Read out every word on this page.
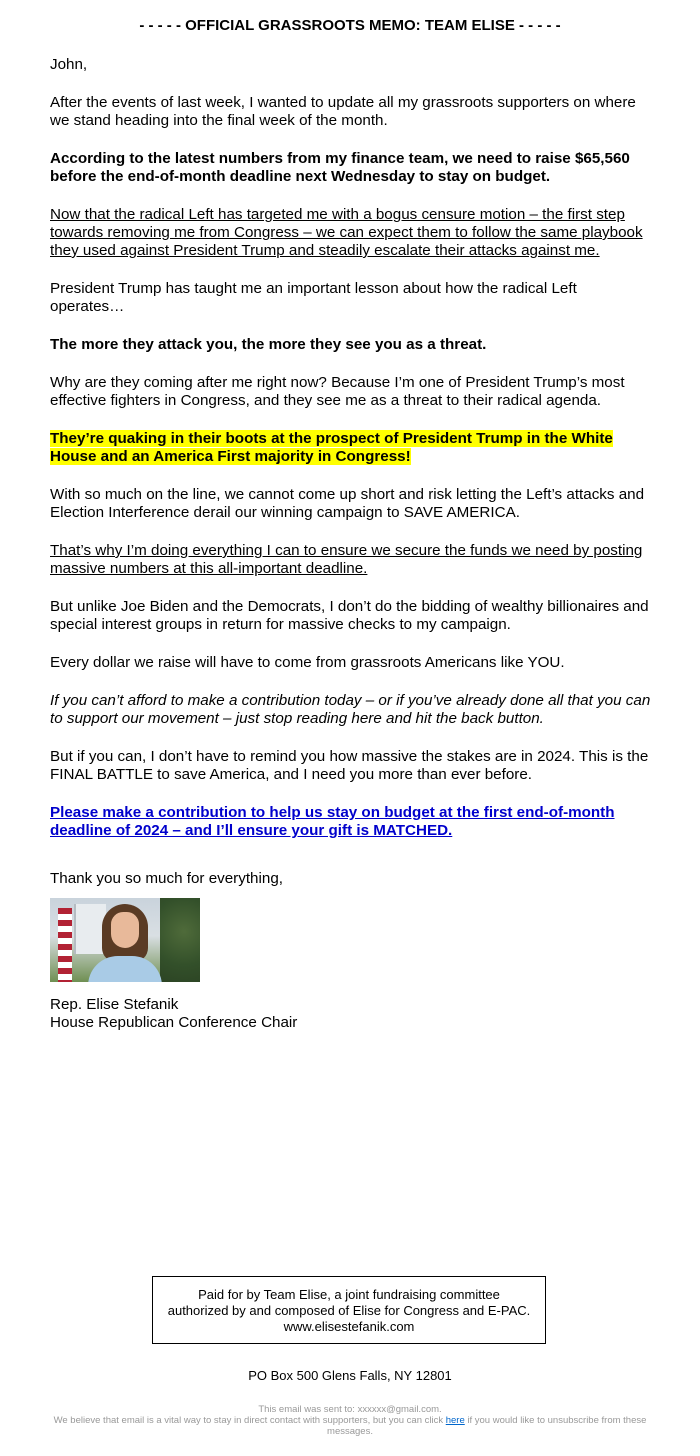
- - - - - OFFICIAL GRASSROOTS MEMO: TEAM ELISE - - - - -

John,

After the events of last week, I wanted to update all my grassroots supporters on where we stand heading into the final week of the month.

According to the latest numbers from my finance team, we need to raise $65,560 before the end-of-month deadline next Wednesday to stay on budget.

Now that the radical Left has targeted me with a bogus censure motion – the first step towards removing me from Congress – we can expect them to follow the same playbook they used against President Trump and steadily escalate their attacks against me.

President Trump has taught me an important lesson about how the radical Left operates…

The more they attack you, the more they see you as a threat.

Why are they coming after me right now? Because I’m one of President Trump’s most effective fighters in Congress, and they see me as a threat to their radical agenda.

They’re quaking in their boots at the prospect of President Trump in the White House and an America First majority in Congress!

With so much on the line, we cannot come up short and risk letting the Left’s attacks and Election Interference derail our winning campaign to SAVE AMERICA.

That’s why I’m doing everything I can to ensure we secure the funds we need by posting massive numbers at this all-important deadline.

But unlike Joe Biden and the Democrats, I don’t do the bidding of wealthy billionaires and special interest groups in return for massive checks to my campaign.

Every dollar we raise will have to come from grassroots Americans like YOU.

If you can’t afford to make a contribution today – or if you’ve already done all that you can to support our movement – just stop reading here and hit the back button.

But if you can, I don’t have to remind you how massive the stakes are in 2024. This is the FINAL BATTLE to save America, and I need you more than ever before.

Please make a contribution to help us stay on budget at the first end-of-month deadline of 2024 – and I’ll ensure your gift is MATCHED.

Thank you so much for everything,

Rep. Elise Stefanik

House Republican Conference Chair

Paid for by Team Elise, a joint fundraising committee authorized by and composed of Elise for Congress and E-PAC. www.elisestefanik.com
PO Box 500 Glens Falls, NY 12801
This email was sent to: xxxxxx@gmail.com.
We believe that email is a vital way to stay in direct contact with supporters, but you can click here if you would like to unsubscribe from these messages.
